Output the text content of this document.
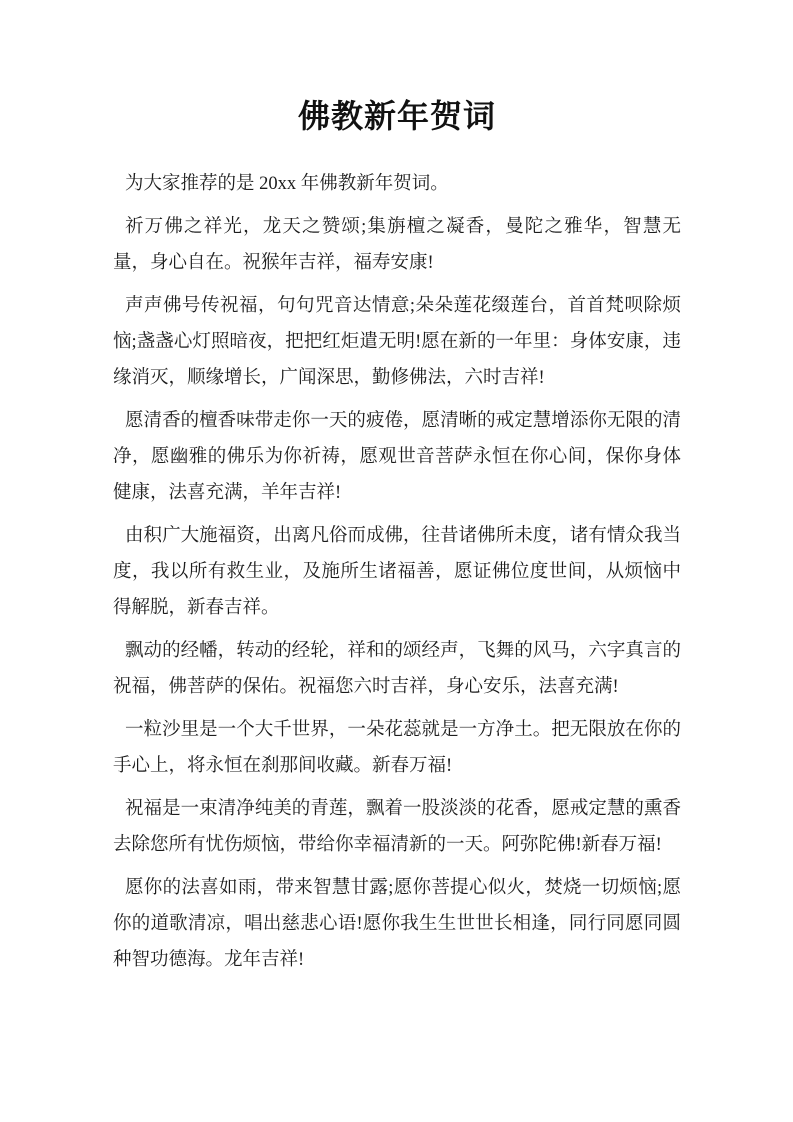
佛教新年贺词

为大家推荐的是 20xx 年佛教新年贺词。

祈万佛之祥光，龙天之赞颂;集旃檀之凝香，曼陀之雅华，智慧无量，身心自在。祝猴年吉祥，福寿安康!

声声佛号传祝福，句句咒音达情意;朵朵莲花缀莲台，首首梵呗除烦恼;盏盏心灯照暗夜，把把红炬遣无明!愿在新的一年里：身体安康，违缘消灭，顺缘增长，广闻深思，勤修佛法，六时吉祥!

愿清香的檀香味带走你一天的疲倦，愿清晰的戒定慧增添你无限的清净，愿幽雅的佛乐为你祈祷，愿观世音菩萨永恒在你心间，保你身体健康，法喜充满，羊年吉祥!

由积广大施福资，出离凡俗而成佛，往昔诸佛所未度，诸有情众我当度，我以所有救生业，及施所生诸福善，愿证佛位度世间，从烦恼中得解脱，新春吉祥。

飘动的经幡，转动的经轮，祥和的颂经声，飞舞的风马，六字真言的祝福，佛菩萨的保佑。祝福您六时吉祥，身心安乐，法喜充满!

一粒沙里是一个大千世界，一朵花蕊就是一方净土。把无限放在你的手心上，将永恒在刹那间收藏。新春万福!

祝福是一束清净纯美的青莲，飘着一股淡淡的花香，愿戒定慧的熏香去除您所有忧伤烦恼，带给你幸福清新的一天。阿弥陀佛!新春万福!

愿你的法喜如雨，带来智慧甘露;愿你菩提心似火，焚烧一切烦恼;愿你的道歌清凉，唱出慈悲心语!愿你我生生世世长相逢，同行同愿同圆种智功德海。龙年吉祥!
